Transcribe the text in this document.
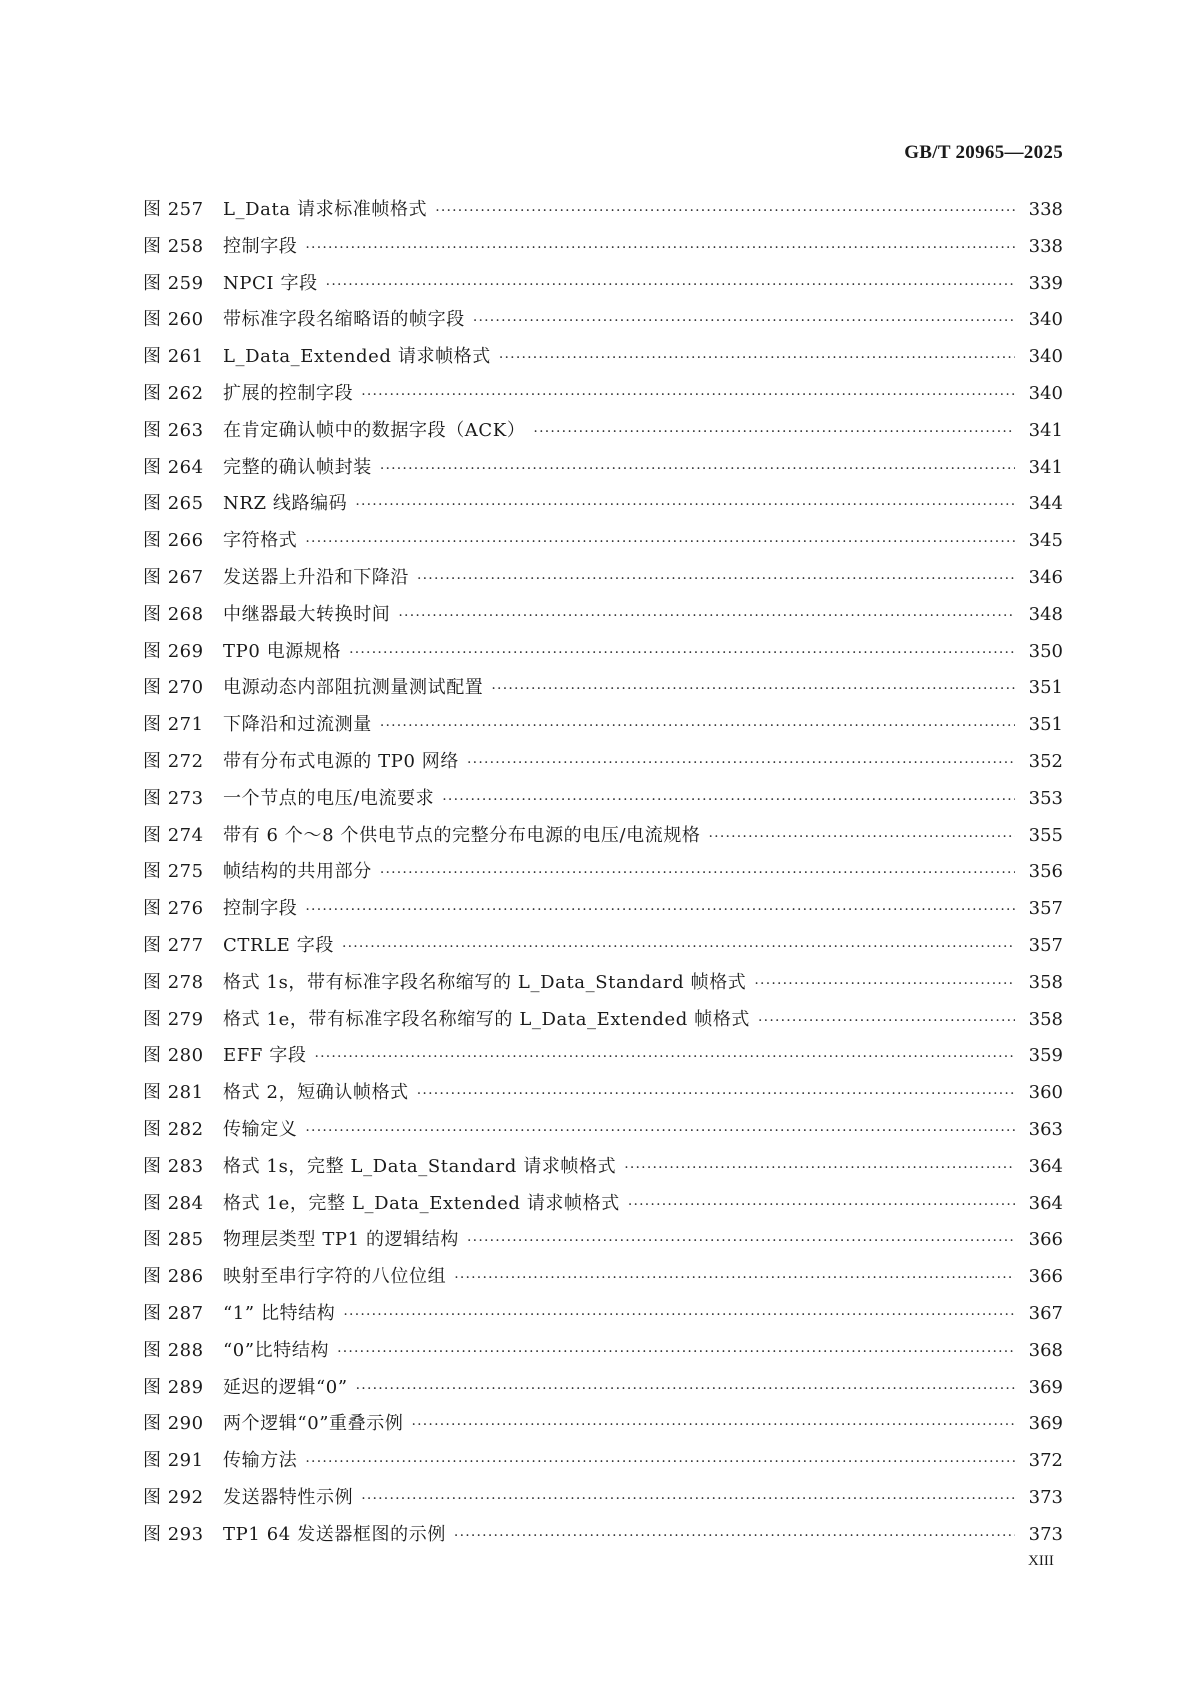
GB/T 20965—2025
图 257	L_Data 请求标准帧格式 ·····	338
图 258	控制字段 ·····	338
图 259	NPCI 字段 ·····	339
图 260	带标准字段名缩略语的帧字段 ·····	340
图 261	L_Data_Extended 请求帧格式 ·····	340
图 262	扩展的控制字段 ·····	340
图 263	在肯定确认帧中的数据字段（ACK） ·····	341
图 264	完整的确认帧封装 ·····	341
图 265	NRZ 线路编码 ·····	344
图 266	字符格式 ·····	345
图 267	发送器上升沿和下降沿 ·····	346
图 268	中继器最大转换时间 ·····	348
图 269	TP0 电源规格 ·····	350
图 270	电源动态内部阻抗测量测试配置 ·····	351
图 271	下降沿和过流测量 ·····	351
图 272	带有分布式电源的 TP0 网络 ·····	352
图 273	一个节点的电压/电流要求 ·····	353
图 274	带有 6 个～8 个供电节点的完整分布电源的电压/电流规格 ·····	355
图 275	帧结构的共用部分 ·····	356
图 276	控制字段 ·····	357
图 277	CTRLE 字段 ·····	357
图 278	格式 1s，带有标准字段名称缩写的 L_Data_Standard 帧格式 ·····	358
图 279	格式 1e，带有标准字段名称缩写的 L_Data_Extended 帧格式 ·····	358
图 280	EFF 字段 ·····	359
图 281	格式 2，短确认帧格式 ·····	360
图 282	传输定义 ·····	363
图 283	格式 1s，完整 L_Data_Standard 请求帧格式 ·····	364
图 284	格式 1e，完整 L_Data_Extended 请求帧格式 ·····	364
图 285	物理层类型 TP1 的逻辑结构 ·····	366
图 286	映射至串行字符的八位位组 ·····	366
图 287	“1” 比特结构 ·····	367
图 288	“0”比特结构 ·····	368
图 289	延迟的逻辑“0” ·····	369
图 290	两个逻辑“0”重叠示例 ·····	369
图 291	传输方法 ·····	372
图 292	发送器特性示例 ·····	373
图 293	TP1 64 发送器框图的示例 ·····	373
XIII
